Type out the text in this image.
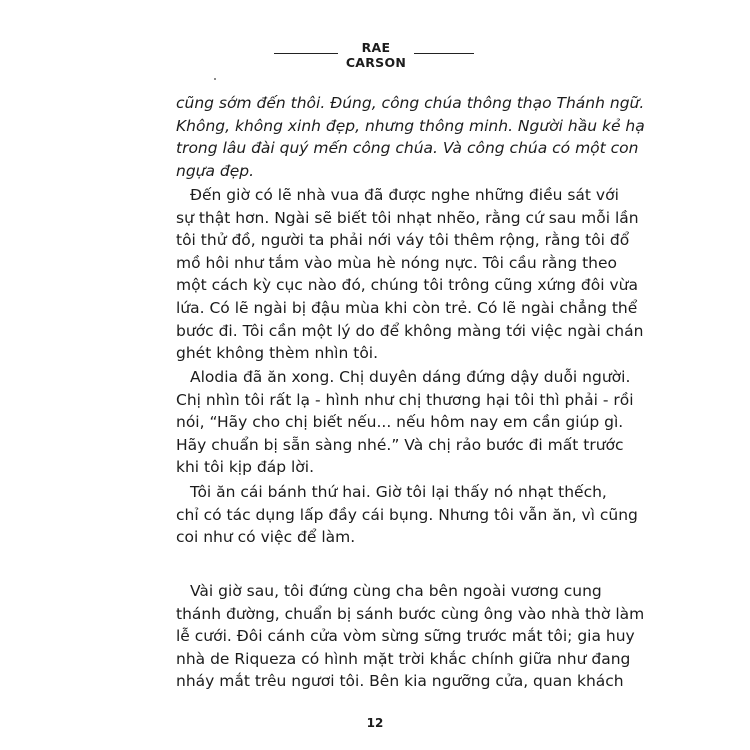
RAE CARSON

cũng sớm đến thôi. Đúng, công chúa thông thạo Thánh ngữ.
Không, không xinh đẹp, nhưng thông minh. Người hầu kẻ hạ
trong lâu đài quý mến công chúa. Và công chúa có một con
ngựa đẹp.

Đến giờ có lẽ nhà vua đã được nghe những điều sát với
sự thật hơn. Ngài sẽ biết tôi nhạt nhẽo, rằng cứ sau mỗi lần
tôi thử đồ, người ta phải nới váy tôi thêm rộng, rằng tôi đổ
mồ hôi như tắm vào mùa hè nóng nực. Tôi cầu rằng theo
một cách kỳ cục nào đó, chúng tôi trông cũng xứng đôi vừa
lứa. Có lẽ ngài bị đậu mùa khi còn trẻ. Có lẽ ngài chẳng thể
bước đi. Tôi cần một lý do để không màng tới việc ngài chán
ghét không thèm nhìn tôi.

Alodia đã ăn xong. Chị duyên dáng đứng dậy duỗi người.
Chị nhìn tôi rất lạ - hình như chị thương hại tôi thì phải - rồi
nói, “Hãy cho chị biết nếu... nếu hôm nay em cần giúp gì.
Hãy chuẩn bị sẵn sàng nhé.” Và chị rảo bước đi mất trước
khi tôi kịp đáp lời.

Tôi ăn cái bánh thứ hai. Giờ tôi lại thấy nó nhạt thếch,
chỉ có tác dụng lấp đầy cái bụng. Nhưng tôi vẫn ăn, vì cũng
coi như có việc để làm.

Vài giờ sau, tôi đứng cùng cha bên ngoài vương cung
thánh đường, chuẩn bị sánh bước cùng ông vào nhà thờ làm
lễ cưới. Đôi cánh cửa vòm sừng sững trước mắt tôi; gia huy
nhà de Riqueza có hình mặt trời khắc chính giữa như đang
nháy mắt trêu ngươi tôi. Bên kia ngưỡng cửa, quan khách

12
